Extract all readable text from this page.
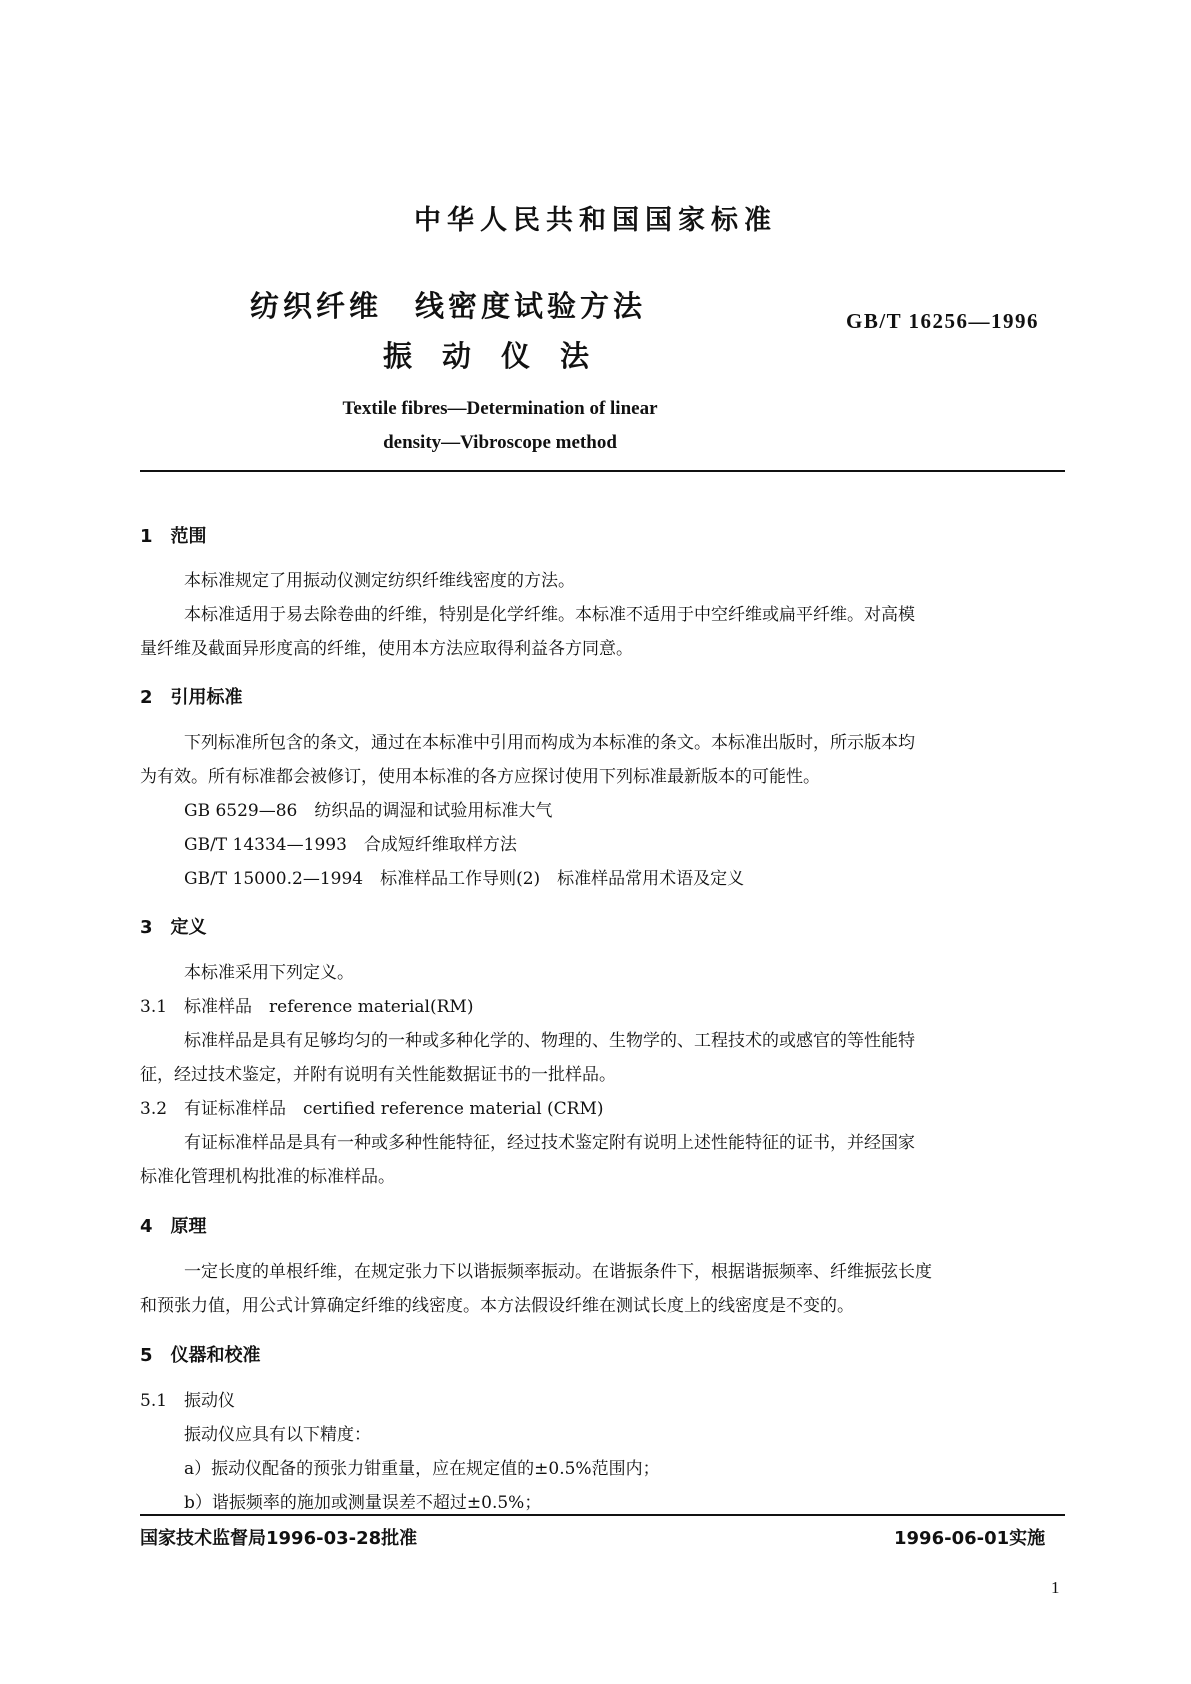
中华人民共和国国家标准
纺织纤维　线密度试验方法
振动仪法
GB/T 16256—1996
Textile fibres—Determination of linear
density—Vibroscope method
1　范围
本标准规定了用振动仪测定纺织纤维线密度的方法。
本标准适用于易去除卷曲的纤维，特别是化学纤维。本标准不适用于中空纤维或扁平纤维。对高模
量纤维及截面异形度高的纤维，使用本方法应取得利益各方同意。
2　引用标准
下列标准所包含的条文，通过在本标准中引用而构成为本标准的条文。本标准出版时，所示版本均
为有效。所有标准都会被修订，使用本标准的各方应探讨使用下列标准最新版本的可能性。
GB 6529—86　纺织品的调湿和试验用标准大气
GB/T 14334—1993　合成短纤维取样方法
GB/T 15000.2—1994　标准样品工作导则(2)　标准样品常用术语及定义
3　定义
本标准采用下列定义。
3.1　标准样品　reference material(RM)
标准样品是具有足够均匀的一种或多种化学的、物理的、生物学的、工程技术的或感官的等性能特
征，经过技术鉴定，并附有说明有关性能数据证书的一批样品。
3.2　有证标准样品　certified reference material (CRM)
有证标准样品是具有一种或多种性能特征，经过技术鉴定附有说明上述性能特征的证书，并经国家
标准化管理机构批准的标准样品。
4　原理
一定长度的单根纤维，在规定张力下以谐振频率振动。在谐振条件下，根据谐振频率、纤维振弦长度
和预张力值，用公式计算确定纤维的线密度。本方法假设纤维在测试长度上的线密度是不变的。
5　仪器和校准
5.1　振动仪
振动仪应具有以下精度：
a）振动仪配备的预张力钳重量，应在规定值的±0.5%范围内；
b）谐振频率的施加或测量误差不超过±0.5%；
国家技术监督局1996-03-28批准	1996-06-01实施
1
